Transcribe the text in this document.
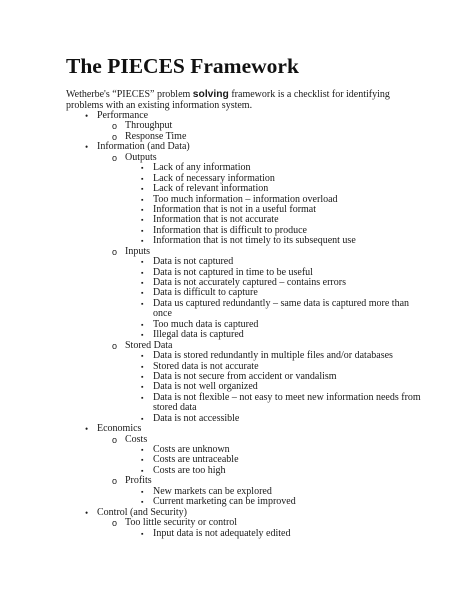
The PIECES Framework

Wetherbe's “PIECES” problem solving framework is a checklist for identifying
problems with an existing information system.

• Performance
o Throughput
o Response Time
• Information (and Data)
o Outputs
▪ Lack of any information
▪ Lack of necessary information
▪ Lack of relevant information
▪ Too much information – information overload
▪ Information that is not in a useful format
▪ Information that is not accurate
▪ Information that is difficult to produce
▪ Information that is not timely to its subsequent use
o Inputs
▪ Data is not captured
▪ Data is not captured in time to be useful
▪ Data is not accurately captured – contains errors
▪ Data is difficult to capture
▪ Data us captured redundantly – same data is captured more than
once
▪ Too much data is captured
▪ Illegal data is captured
o Stored Data
▪ Data is stored redundantly in multiple files and/or databases
▪ Stored data is not accurate
▪ Data is not secure from accident or vandalism
▪ Data is not well organized
▪ Data is not flexible – not easy to meet new information needs from
stored data
▪ Data is not accessible
• Economics
o Costs
▪ Costs are unknown
▪ Costs are untraceable
▪ Costs are too high
o Profits
▪ New markets can be explored
▪ Current marketing can be improved
• Control (and Security)
o Too little security or control
▪ Input data is not adequately edited
